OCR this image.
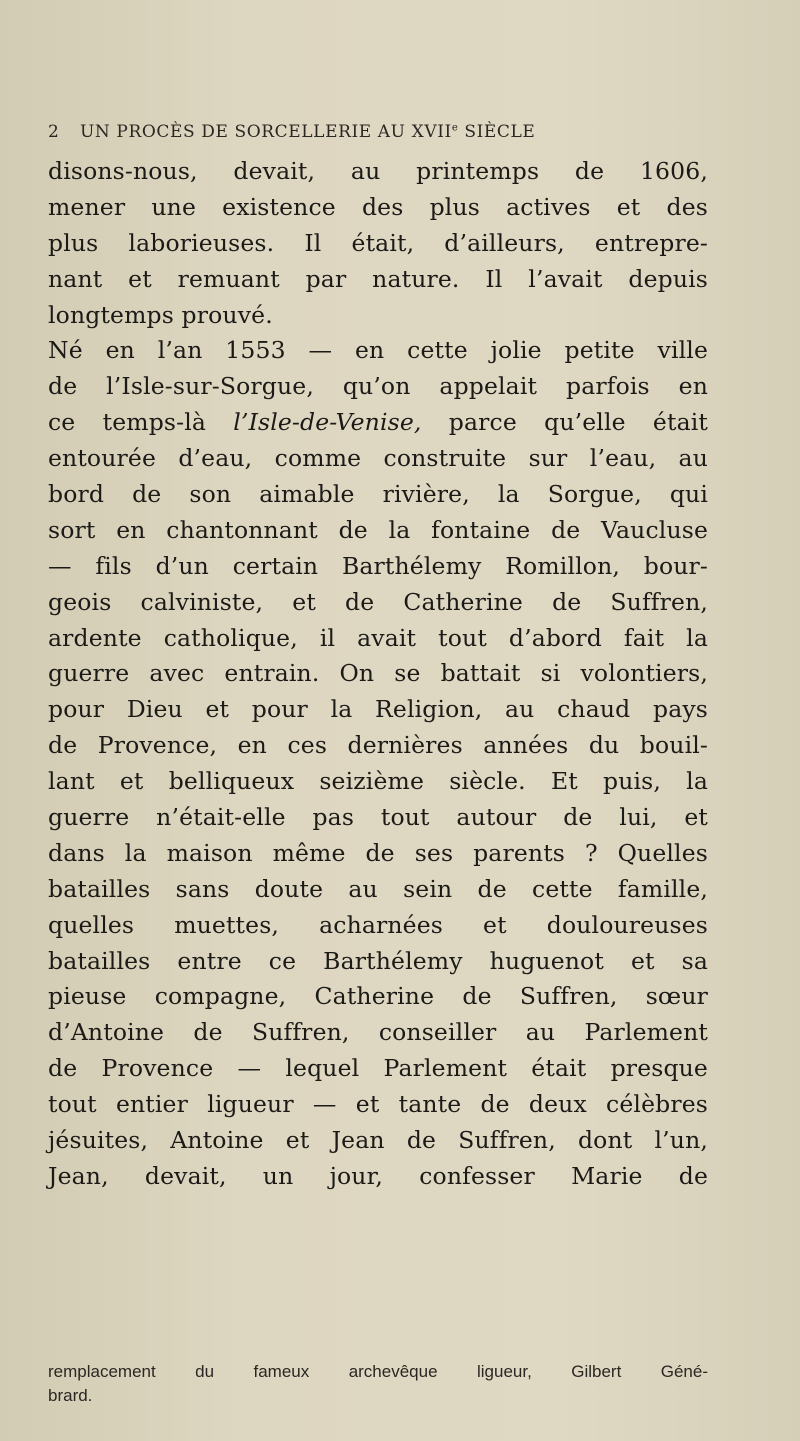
2 UN PROCÈS DE SORCELLERIE AU XVIIe SIÈCLE
disons-nous, devait, au printemps de 1606,
mener une existence des plus actives et des
plus laborieuses. Il était, d’ailleurs, entrepre-
nant et remuant par nature. Il l’avait depuis
longtemps prouvé.
Né en l’an 1553 — en cette jolie petite ville
de l’Isle-sur-Sorgue, qu’on appelait parfois en
ce temps-là l’Isle-de-Venise, parce qu’elle était
entourée d’eau, comme construite sur l’eau, au
bord de son aimable rivière, la Sorgue, qui
sort en chantonnant de la fontaine de Vaucluse
— fils d’un certain Barthélemy Romillon, bour-
geois calviniste, et de Catherine de Suffren,
ardente catholique, il avait tout d’abord fait la
guerre avec entrain. On se battait si volontiers,
pour Dieu et pour la Religion, au chaud pays
de Provence, en ces dernières années du bouil-
lant et belliqueux seizième siècle. Et puis, la
guerre n’était-elle pas tout autour de lui, et
dans la maison même de ses parents ? Quelles
batailles sans doute au sein de cette famille,
quelles muettes, acharnées et douloureuses
batailles entre ce Barthélemy huguenot et sa
pieuse compagne, Catherine de Suffren, sœur
d’Antoine de Suffren, conseiller au Parlement
de Provence — lequel Parlement était presque
tout entier ligueur — et tante de deux célèbres
jésuites, Antoine et Jean de Suffren, dont l’un,
Jean, devait, un jour, confesser Marie de
remplacement du fameux archevêque ligueur, Gilbert Géné-
brard.
